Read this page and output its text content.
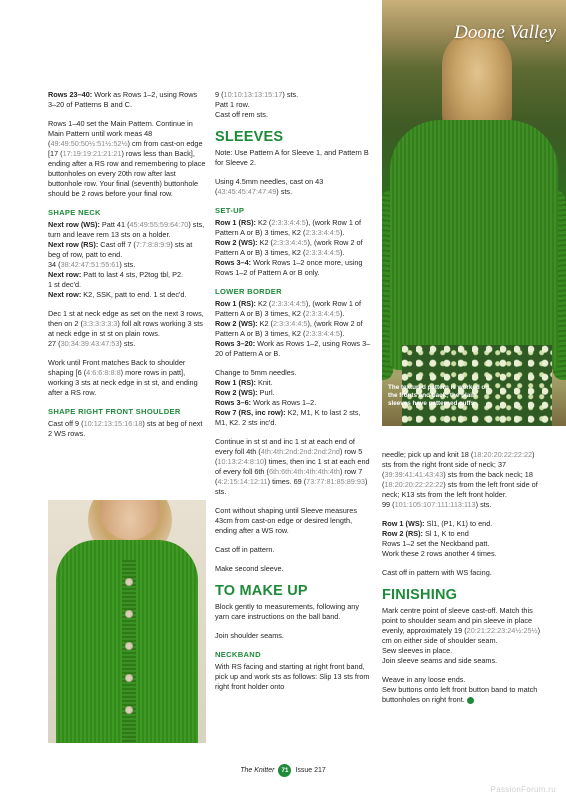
Doone Valley
The textured pattern is worked on the fronts and back; the plain sleeves have patterned cuffs

Rows 23–40: Work as Rows 1–2, using Rows 3–20 of Patterns B and C.

Rows 1–40 set the Main Pattern. Continue in Main Pattern until work meas 48 (49:49:50:50½:51½:52½) cm from cast-on edge [17 (17:19:19:21:21:21) rows less than Back], ending after a RS row and remembering to place buttonholes on every 20th row after last buttonhole row. Your final (seventh) buttonhole should be 2 rows before your final row.

SHAPE NECK

Next row (WS): Patt 41 (45:49:55:59:64:70) sts, turn and leave rem 13 sts on a holder.
Next row (RS): Cast off 7 (7:7:8:8:9:9) sts at beg of row, patt to end.
34 (38:42:47:51:55:61) sts.
Next row: Patt to last 4 sts, P2tog tbl, P2.
1 st dec'd.
Next row: K2, SSK, patt to end. 1 st dec'd.

Dec 1 st at neck edge as set on the next 3 rows, then on 2 (3:3:3:3:3:3) foll alt rows working 3 sts at neck edge in st st on plain rows.
27 (30:34:39:43:47:53) sts.

Work until Front matches Back to shoulder shaping [6 (4:6:6:8:8:8) more rows in patt], working 3 sts at neck edge in st st, and ending after a RS row.

SHAPE RIGHT FRONT SHOULDER

Cast off 9 (10:12:13:15:16:18) sts at beg of next 2 WS rows.

9 (10:10:13:13:15:17) sts.
Patt 1 row.
Cast off rem sts.

SLEEVES

Note: Use Pattern A for Sleeve 1, and Pattern B for Sleeve 2.

Using 4.5mm needles, cast on 43 (43:45:45:47:47:49) sts.

SET-UP

Row 1 (RS): K2 (2:3:3:4:4:5), (work Row 1 of Pattern A or B) 3 times, K2 (2:3:3:4:4:5).
Row 2 (WS): K2 (2:3:3:4:4:5), (work Row 2 of Pattern A or B) 3 times, K2 (2:3:3:4:4:5).
Rows 3–4: Work Rows 1–2 once more, using Rows 1–2 of Pattern A or B only.

LOWER BORDER

Row 1 (RS): K2 (2:3:3:4:4:5), (work Row 1 of Pattern A or B) 3 times, K2 (2:3:3:4:4:5).
Row 2 (WS): K2 (2:3:3:4:4:5), (work Row 2 of Pattern A or B) 3 times, K2 (2:3:3:4:4:5).
Rows 3–20: Work as Rows 1–2, using Rows 3–20 of Pattern A or B.

Change to 5mm needles.
Row 1 (RS): Knit.
Row 2 (WS): Purl.
Rows 3–6: Work as Rows 1–2.
Row 7 (RS, inc row): K2, M1, K to last 2 sts, M1, K2. 2 sts inc'd.

Continue in st st and inc 1 st at each end of every foll 4th (4th:4th:2nd:2nd:2nd:2nd) row 5 (10:13:2:4:8:10) times, then inc 1 st at each end of every foll 6th (6th:6th:4th:4th:4th:4th) row 7 (4:2:15:14:12:11) times. 69 (73:77:81:85:89:93) sts.

Cont without shaping until Sleeve measures 43cm from cast-on edge or desired length, ending after a WS row.

Cast off in pattern.

Make second sleeve.

TO MAKE UP

Block gently to measurements, following any yarn care instructions on the ball band.

Join shoulder seams.

NECKBAND

With RS facing and starting at right front band, pick up and work sts as follows: Slip 13 sts from right front holder onto

needle; pick up and knit 18 (18:20:20:22:22:22) sts from the right front side of neck; 37 (39:39:41:41:43:43) sts from the back neck; 18 (18:20:20:22:22:22) sts from the left front side of neck; K13 sts from the left front holder.
99 (101:105:107:111:113:113) sts.

Row 1 (WS): Sl1, (P1, K1) to end.
Row 2 (RS): Sl 1, K to end
Rows 1–2 set the Neckband patt.
Work these 2 rows another 4 times.

Cast off in pattern with WS facing.

FINISHING

Mark centre point of sleeve cast-off. Match this point to shoulder seam and pin sleeve in place evenly, approximately 19 (20:21:22:23:24½:25½) cm on either side of shoulder seam.
Sew sleeves in place.
Join sleeve seams and side seams.

Weave in any loose ends.
Sew buttons onto left front button band to match buttonholes on right front.

The Knitter 71 Issue 217
PassionForum.ru
